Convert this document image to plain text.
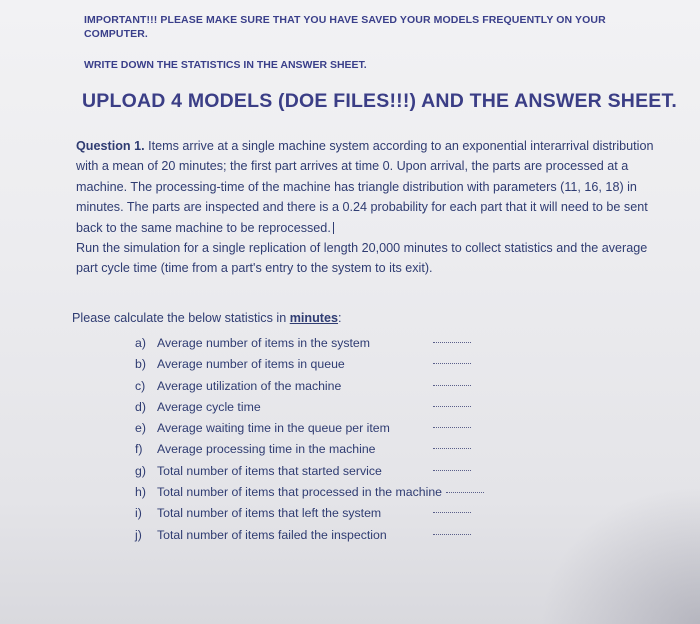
IMPORTANT!!! PLEASE MAKE SURE THAT YOU HAVE SAVED YOUR MODELS FREQUENTLY ON YOUR COMPUTER.
WRITE DOWN THE STATISTICS IN THE ANSWER SHEET.
UPLOAD 4 MODELS (DOE FILES!!!) AND THE ANSWER SHEET.

Question 1. Items arrive at a single machine system according to an exponential interarrival distribution with a mean of 20 minutes; the first part arrives at time 0. Upon arrival, the parts are processed at a machine. The processing-time of the machine has triangle distribution with parameters (11, 16, 18) in minutes. The parts are inspected and there is a 0.24 probability for each part that it will need to be sent back to the same machine to be reprocessed.

Run the simulation for a single replication of length 20,000 minutes to collect statistics and the average part cycle time (time from a part's entry to the system to its exit).

Please calculate the below statistics in minutes:
a) Average number of items in the system
b) Average number of items in queue
c) Average utilization of the machine
d) Average cycle time
e) Average waiting time in the queue per item
f) Average processing time in the machine
g) Total number of items that started service
h) Total number of items that processed in the machine
i) Total number of items that left the system
j) Total number of items failed the inspection
